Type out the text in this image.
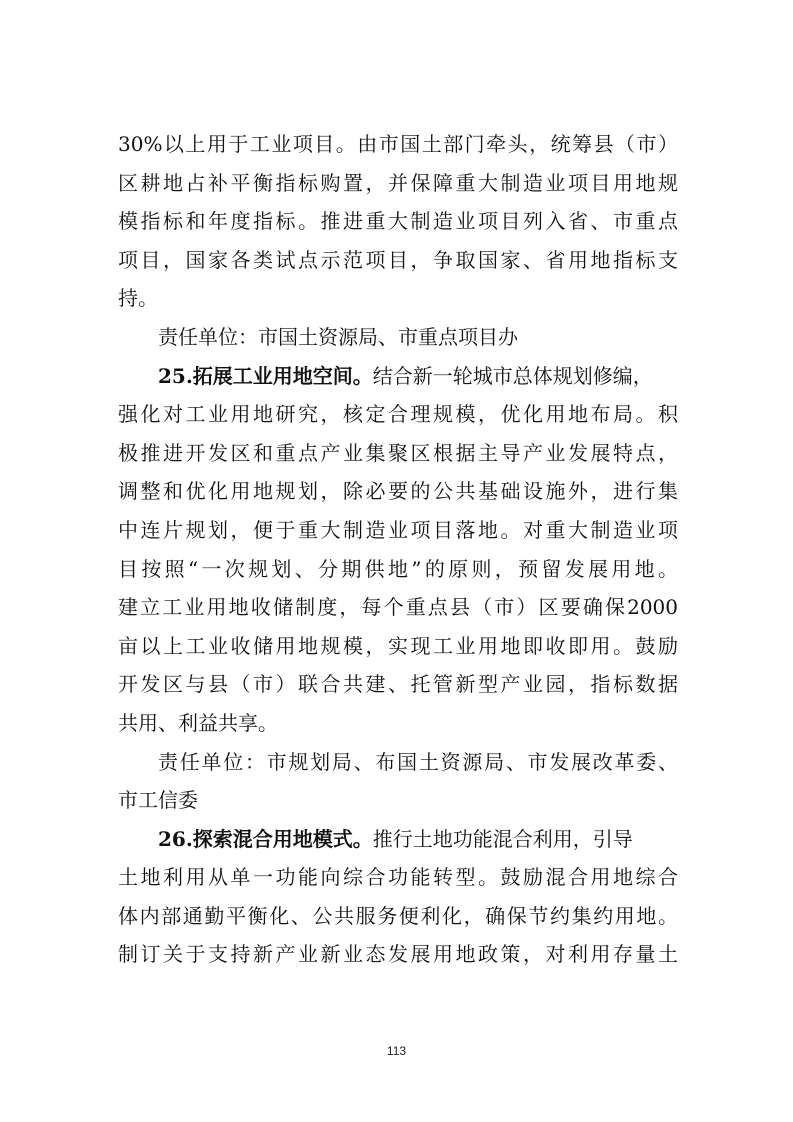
30%以上用于工业项目。由市国土部门牵头，统筹县（市）
区耕地占补平衡指标购置，并保障重大制造业项目用地规
模指标和年度指标。推进重大制造业项目列入省、市重点
项目，国家各类试点示范项目，争取国家、省用地指标支
持。
责任单位：市国土资源局、市重点项目办
25.拓展工业用地空间。结合新一轮城市总体规划修编，
强化对工业用地研究，核定合理规模，优化用地布局。积
极推进开发区和重点产业集聚区根据主导产业发展特点，
调整和优化用地规划，除必要的公共基础设施外，进行集
中连片规划，便于重大制造业项目落地。对重大制造业项
目按照“一次规划、分期供地”的原则，预留发展用地。
建立工业用地收储制度，每个重点县（市）区要确保2000
亩以上工业收储用地规模，实现工业用地即收即用。鼓励
开发区与县（市）联合共建、托管新型产业园，指标数据
共用、利益共享。
责任单位：市规划局、布国土资源局、市发展改革委、
市工信委
26.探索混合用地模式。推行土地功能混合利用，引导
土地利用从单一功能向综合功能转型。鼓励混合用地综合
体内部通勤平衡化、公共服务便利化，确保节约集约用地。
制订关于支持新产业新业态发展用地政策，对利用存量土
113
